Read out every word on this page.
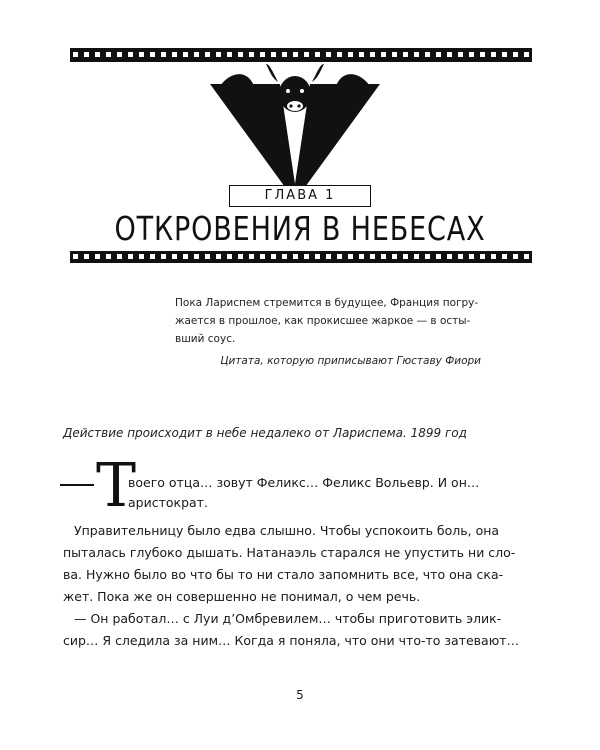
ГЛАВА 1
ОТКРОВЕНИЯ В НЕБЕСАХ

Пока Лариспем стремится в будущее, Франция погру-

жается в прошлое, как прокисшее жаркое — в осты-

вший соус.

Цитата, которую приписывают Гюставу Фиори

Действие происходит в небе недалеко от Лариспема. 1899 год
Т
воего отца… зовут Феликс… Феликс Вольевр. И он…
аристократ.
Управительницу было едва слышно. Чтобы успокоить боль, она
пыталась глубоко дышать. Натанаэль старался не упустить ни сло-
ва. Нужно было во что бы то ни стало запомнить все, что она ска-
жет. Пока же он совершенно не понимал, о чем речь.
— Он работал… с Луи д’Омбревилем… чтобы приготовить элик-
сир… Я следила за ним… Когда я поняла, что они что-то затевают…
5
